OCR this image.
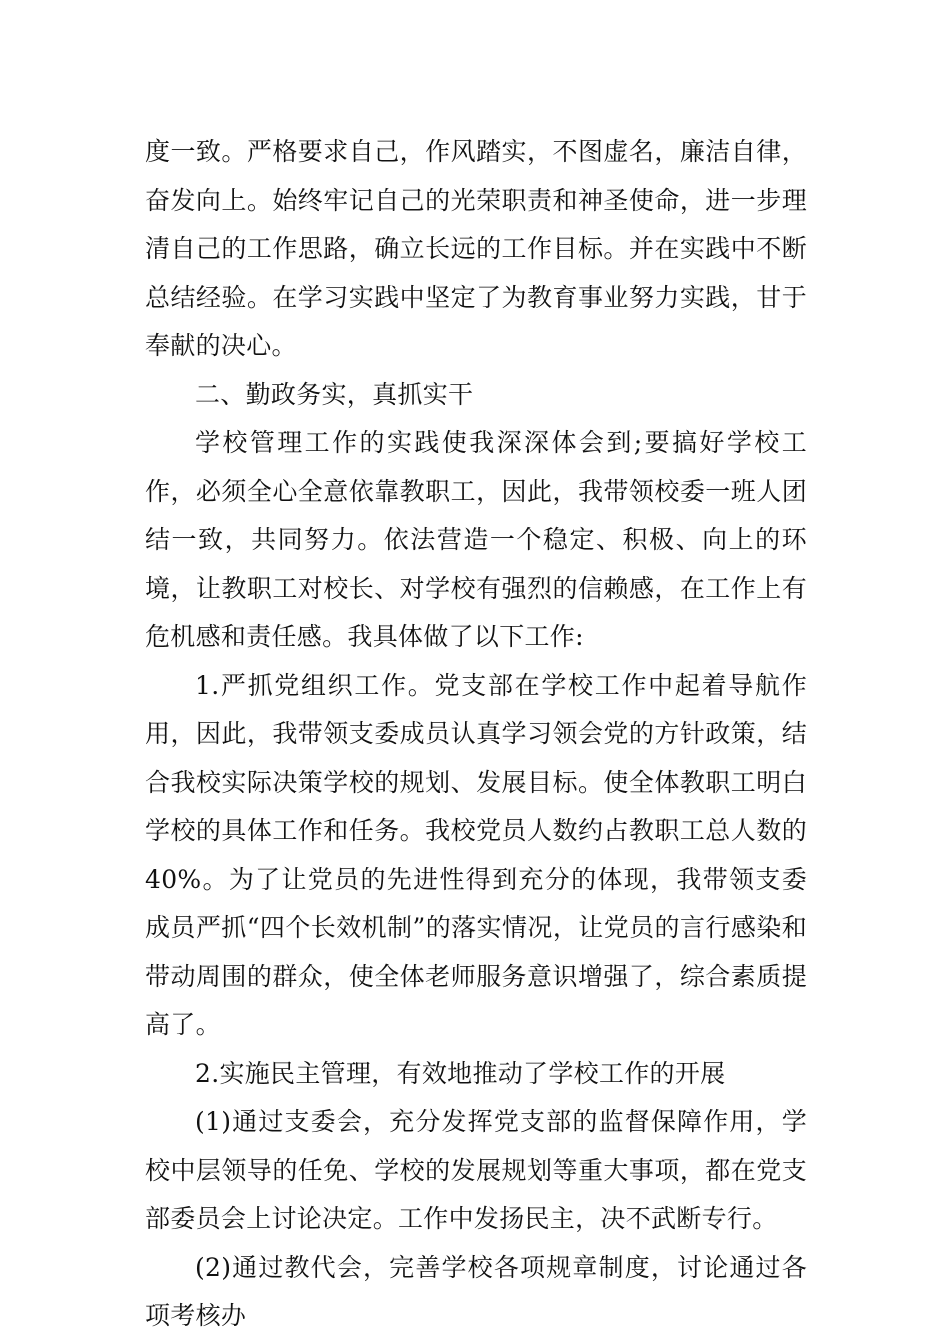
度一致。严格要求自己，作风踏实，不图虚名，廉洁自律，奋发向上。始终牢记自己的光荣职责和神圣使命，进一步理清自己的工作思路，确立长远的工作目标。并在实践中不断总结经验。在学习实践中坚定了为教育事业努力实践，甘于奉献的决心。

二、勤政务实，真抓实干

学校管理工作的实践使我深深体会到;要搞好学校工作，必须全心全意依靠教职工，因此，我带领校委一班人团结一致，共同努力。依法营造一个稳定、积极、向上的环境，让教职工对校长、对学校有强烈的信赖感，在工作上有危机感和责任感。我具体做了以下工作:

1.严抓党组织工作。党支部在学校工作中起着导航作用，因此，我带领支委成员认真学习领会党的方针政策，结合我校实际决策学校的规划、发展目标。使全体教职工明白学校的具体工作和任务。我校党员人数约占教职工总人数的40%。为了让党员的先进性得到充分的体现，我带领支委成员严抓“四个长效机制”的落实情况，让党员的言行感染和带动周围的群众，使全体老师服务意识增强了，综合素质提高了。

2.实施民主管理，有效地推动了学校工作的开展

(1)通过支委会，充分发挥党支部的监督保障作用，学校中层领导的任免、学校的发展规划等重大事项，都在党支部委员会上讨论决定。工作中发扬民主，决不武断专行。

(2)通过教代会，完善学校各项规章制度，讨论通过各项考核办
